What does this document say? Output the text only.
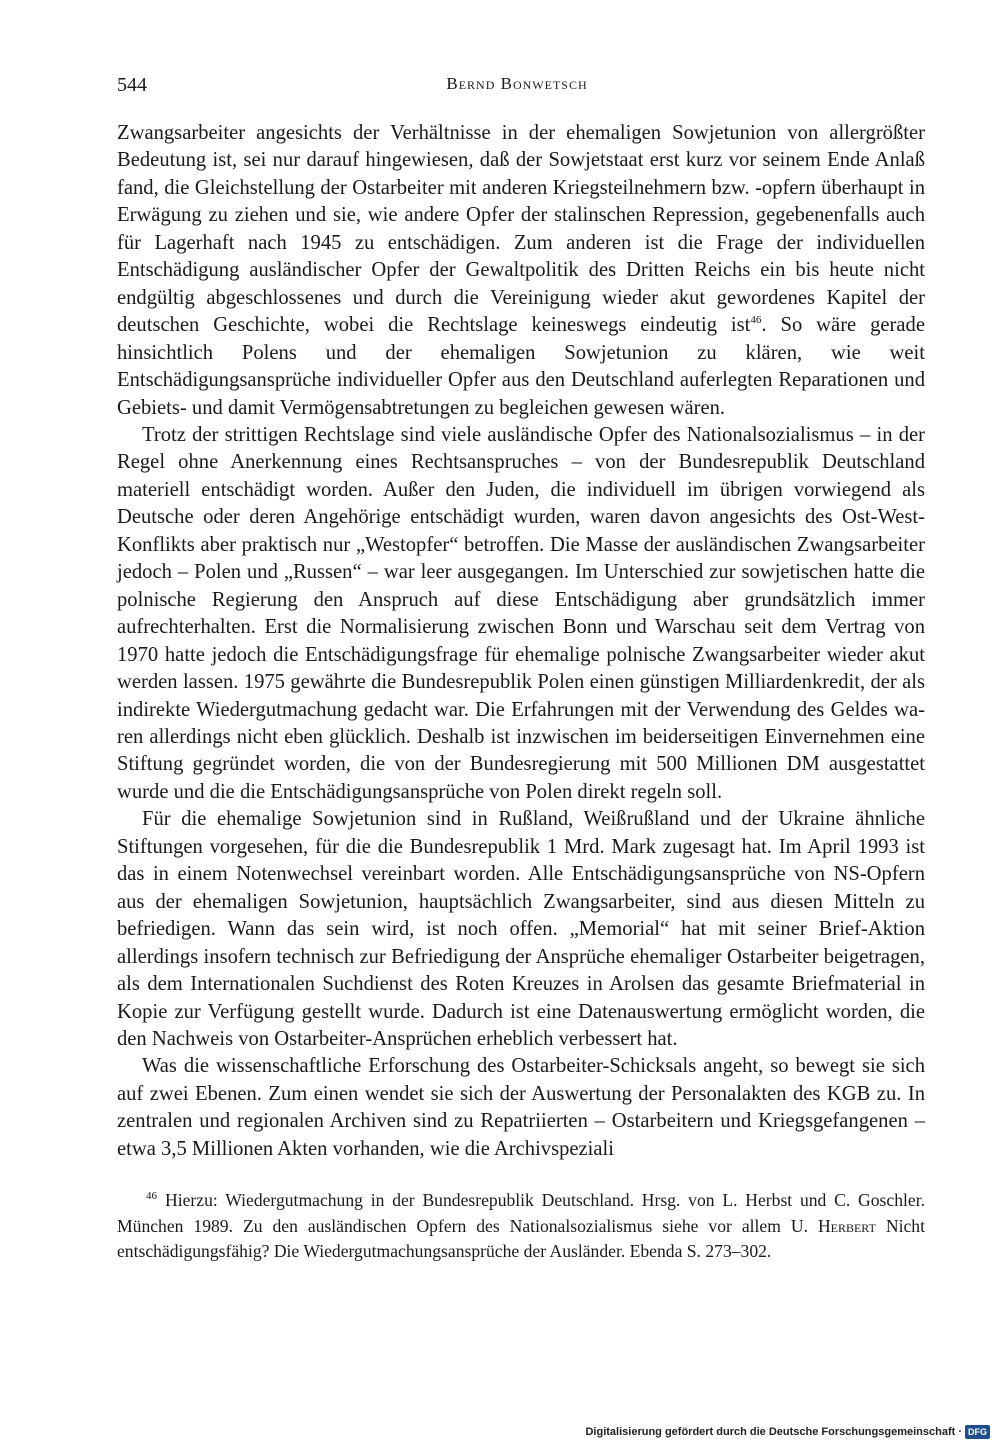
544	Bernd Bonwetsch

Zwangsarbeiter angesichts der Verhältnisse in der ehemaligen Sowjetunion von allergrößter Bedeutung ist, sei nur darauf hingewiesen, daß der Sowjetstaat erst kurz vor seinem Ende Anlaß fand, die Gleichstellung der Ostarbeiter mit anderen Kriegsteilnehmern bzw. -opfern überhaupt in Erwägung zu ziehen und sie, wie andere Opfer der stalinschen Repression, gegebenenfalls auch für Lagerhaft nach 1945 zu entschädigen. Zum anderen ist die Frage der individuellen Entschädigung ausländischer Opfer der Gewaltpolitik des Dritten Reichs ein bis heute nicht endgültig abgeschlossenes und durch die Vereinigung wieder akut gewordenes Kapitel der deutschen Geschichte, wobei die Rechtslage keineswegs eindeutig ist$^{46}$. So wäre gerade hinsichtlich Polens und der ehemaligen Sowjetunion zu klären, wie weit Entschädigungsansprüche individueller Opfer aus den Deutschland auferlegten Reparationen und Gebiets- und damit Vermögensabtretungen zu begleichen gewesen wären.

Trotz der strittigen Rechtslage sind viele ausländische Opfer des Nationalsozialismus – in der Regel ohne Anerkennung eines Rechtsanspruches – von der Bundesrepublik Deutschland materiell entschädigt worden. Außer den Juden, die individuell im übrigen vorwiegend als Deutsche oder deren Angehörige entschädigt wurden, waren davon angesichts des Ost-West-Konflikts aber praktisch nur „Westopfer“ betroffen. Die Masse der ausländischen Zwangsarbeiter jedoch – Polen und „Russen“ – war leer ausgegangen. Im Unterschied zur sowjetischen hatte die polnische Regierung den Anspruch auf diese Entschädigung aber grundsätzlich immer aufrechterhalten. Erst die Normalisierung zwischen Bonn und Warschau seit dem Vertrag von 1970 hatte jedoch die Entschädigungsfrage für ehemalige polnische Zwangsarbeiter wieder akut werden lassen. 1975 gewährte die Bundesrepublik Polen einen günstigen Milliardenkredit, der als indirekte Wiedergutmachung gedacht war. Die Erfahrungen mit der Verwendung des Geldes waren allerdings nicht eben glücklich. Deshalb ist inzwischen im beiderseitigen Einvernehmen eine Stiftung gegründet worden, die von der Bundesregierung mit 500 Millionen DM ausgestattet wurde und die die Entschädigungsansprüche von Polen direkt regeln soll.

Für die ehemalige Sowjetunion sind in Rußland, Weißrußland und der Ukraine ähnliche Stiftungen vorgesehen, für die die Bundesrepublik 1 Mrd. Mark zugesagt hat. Im April 1993 ist das in einem Notenwechsel vereinbart worden. Alle Entschädigungsansprüche von NS-Opfern aus der ehemaligen Sowjetunion, hauptsächlich Zwangsarbeiter, sind aus diesen Mitteln zu befriedigen. Wann das sein wird, ist noch offen. „Memorial“ hat mit seiner Brief-Aktion allerdings insofern technisch zur Befriedigung der Ansprüche ehemaliger Ostarbeiter beigetragen, als dem Internationalen Suchdienst des Roten Kreuzes in Arolsen das gesamte Briefmaterial in Kopie zur Verfügung gestellt wurde. Dadurch ist eine Datenauswertung ermöglicht worden, die den Nachweis von Ostarbeiter-Ansprüchen erheblich verbessert hat.

Was die wissenschaftliche Erforschung des Ostarbeiter-Schicksals angeht, so bewegt sie sich auf zwei Ebenen. Zum einen wendet sie sich der Auswertung der Personalakten des KGB zu. In zentralen und regionalen Archiven sind zu Repatriierten – Ostarbeitern und Kriegsgefangenen – etwa 3,5 Millionen Akten vorhanden, wie die Archivspeziali

$^{46}$ Hierzu: Wiedergutmachung in der Bundesrepublik Deutschland. Hrsg. von L. Herbst und C. Goschler. München 1989. Zu den ausländischen Opfern des Nationalsozialismus siehe vor allem U. Herbert Nicht entschädigungsfähig? Die Wiedergutmachungsansprüche der Ausländer. Ebenda S. 273–302.

Digitalisierung gefördert durch die Deutsche Forschungsgemeinschaft · DFG
